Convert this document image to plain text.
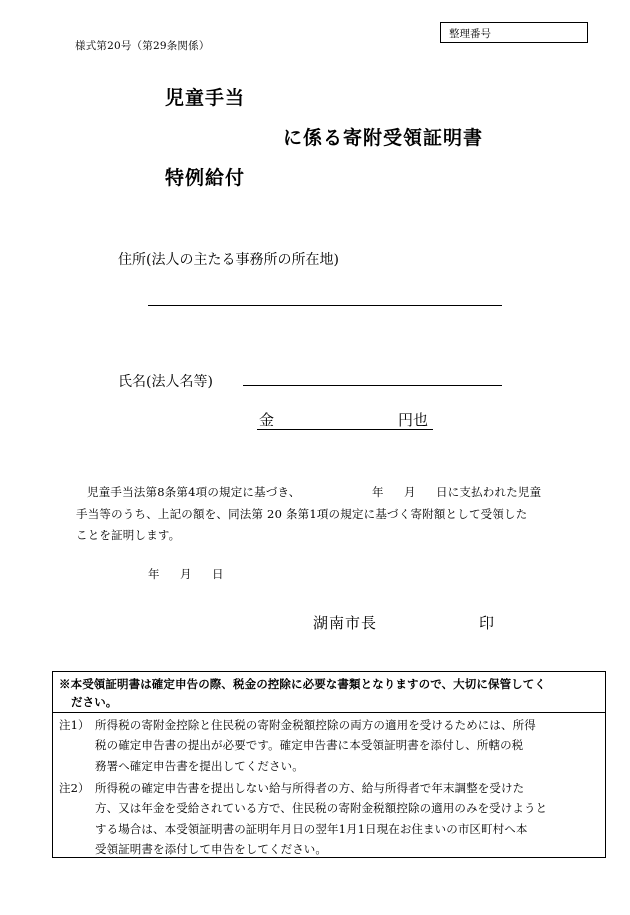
様式第20号（第29条関係）
整理番号
児童手当
に係る寄附受領証明書
特例給付
住所(法人の主たる事務所の所在地)
氏名(法人名等)
金	円也
児童手当法第8条第4項の規定に基づき、	年 月 日に支払われた児童
手当等のうち、上記の額を、同法第 20 条第1項の規定に基づく寄附額として受領した
ことを証明します。
年 月 日
湖南市長	印
※本受領証明書は確定申告の際、税金の控除に必要な書類となりますので、大切に保管してく
ださい。
注1） 所得税の寄附金控除と住民税の寄附金税額控除の両方の適用を受けるためには、所得
税の確定申告書の提出が必要です。確定申告書に本受領証明書を添付し、所轄の税
務署へ確定申告書を提出してください。
注2） 所得税の確定申告書を提出しない給与所得者の方、給与所得者で年末調整を受けた
方、又は年金を受給されている方で、住民税の寄附金税額控除の適用のみを受けようと
する場合は、本受領証明書の証明年月日の翌年1月1日現在お住まいの市区町村へ本
受領証明書を添付して申告をしてください。
